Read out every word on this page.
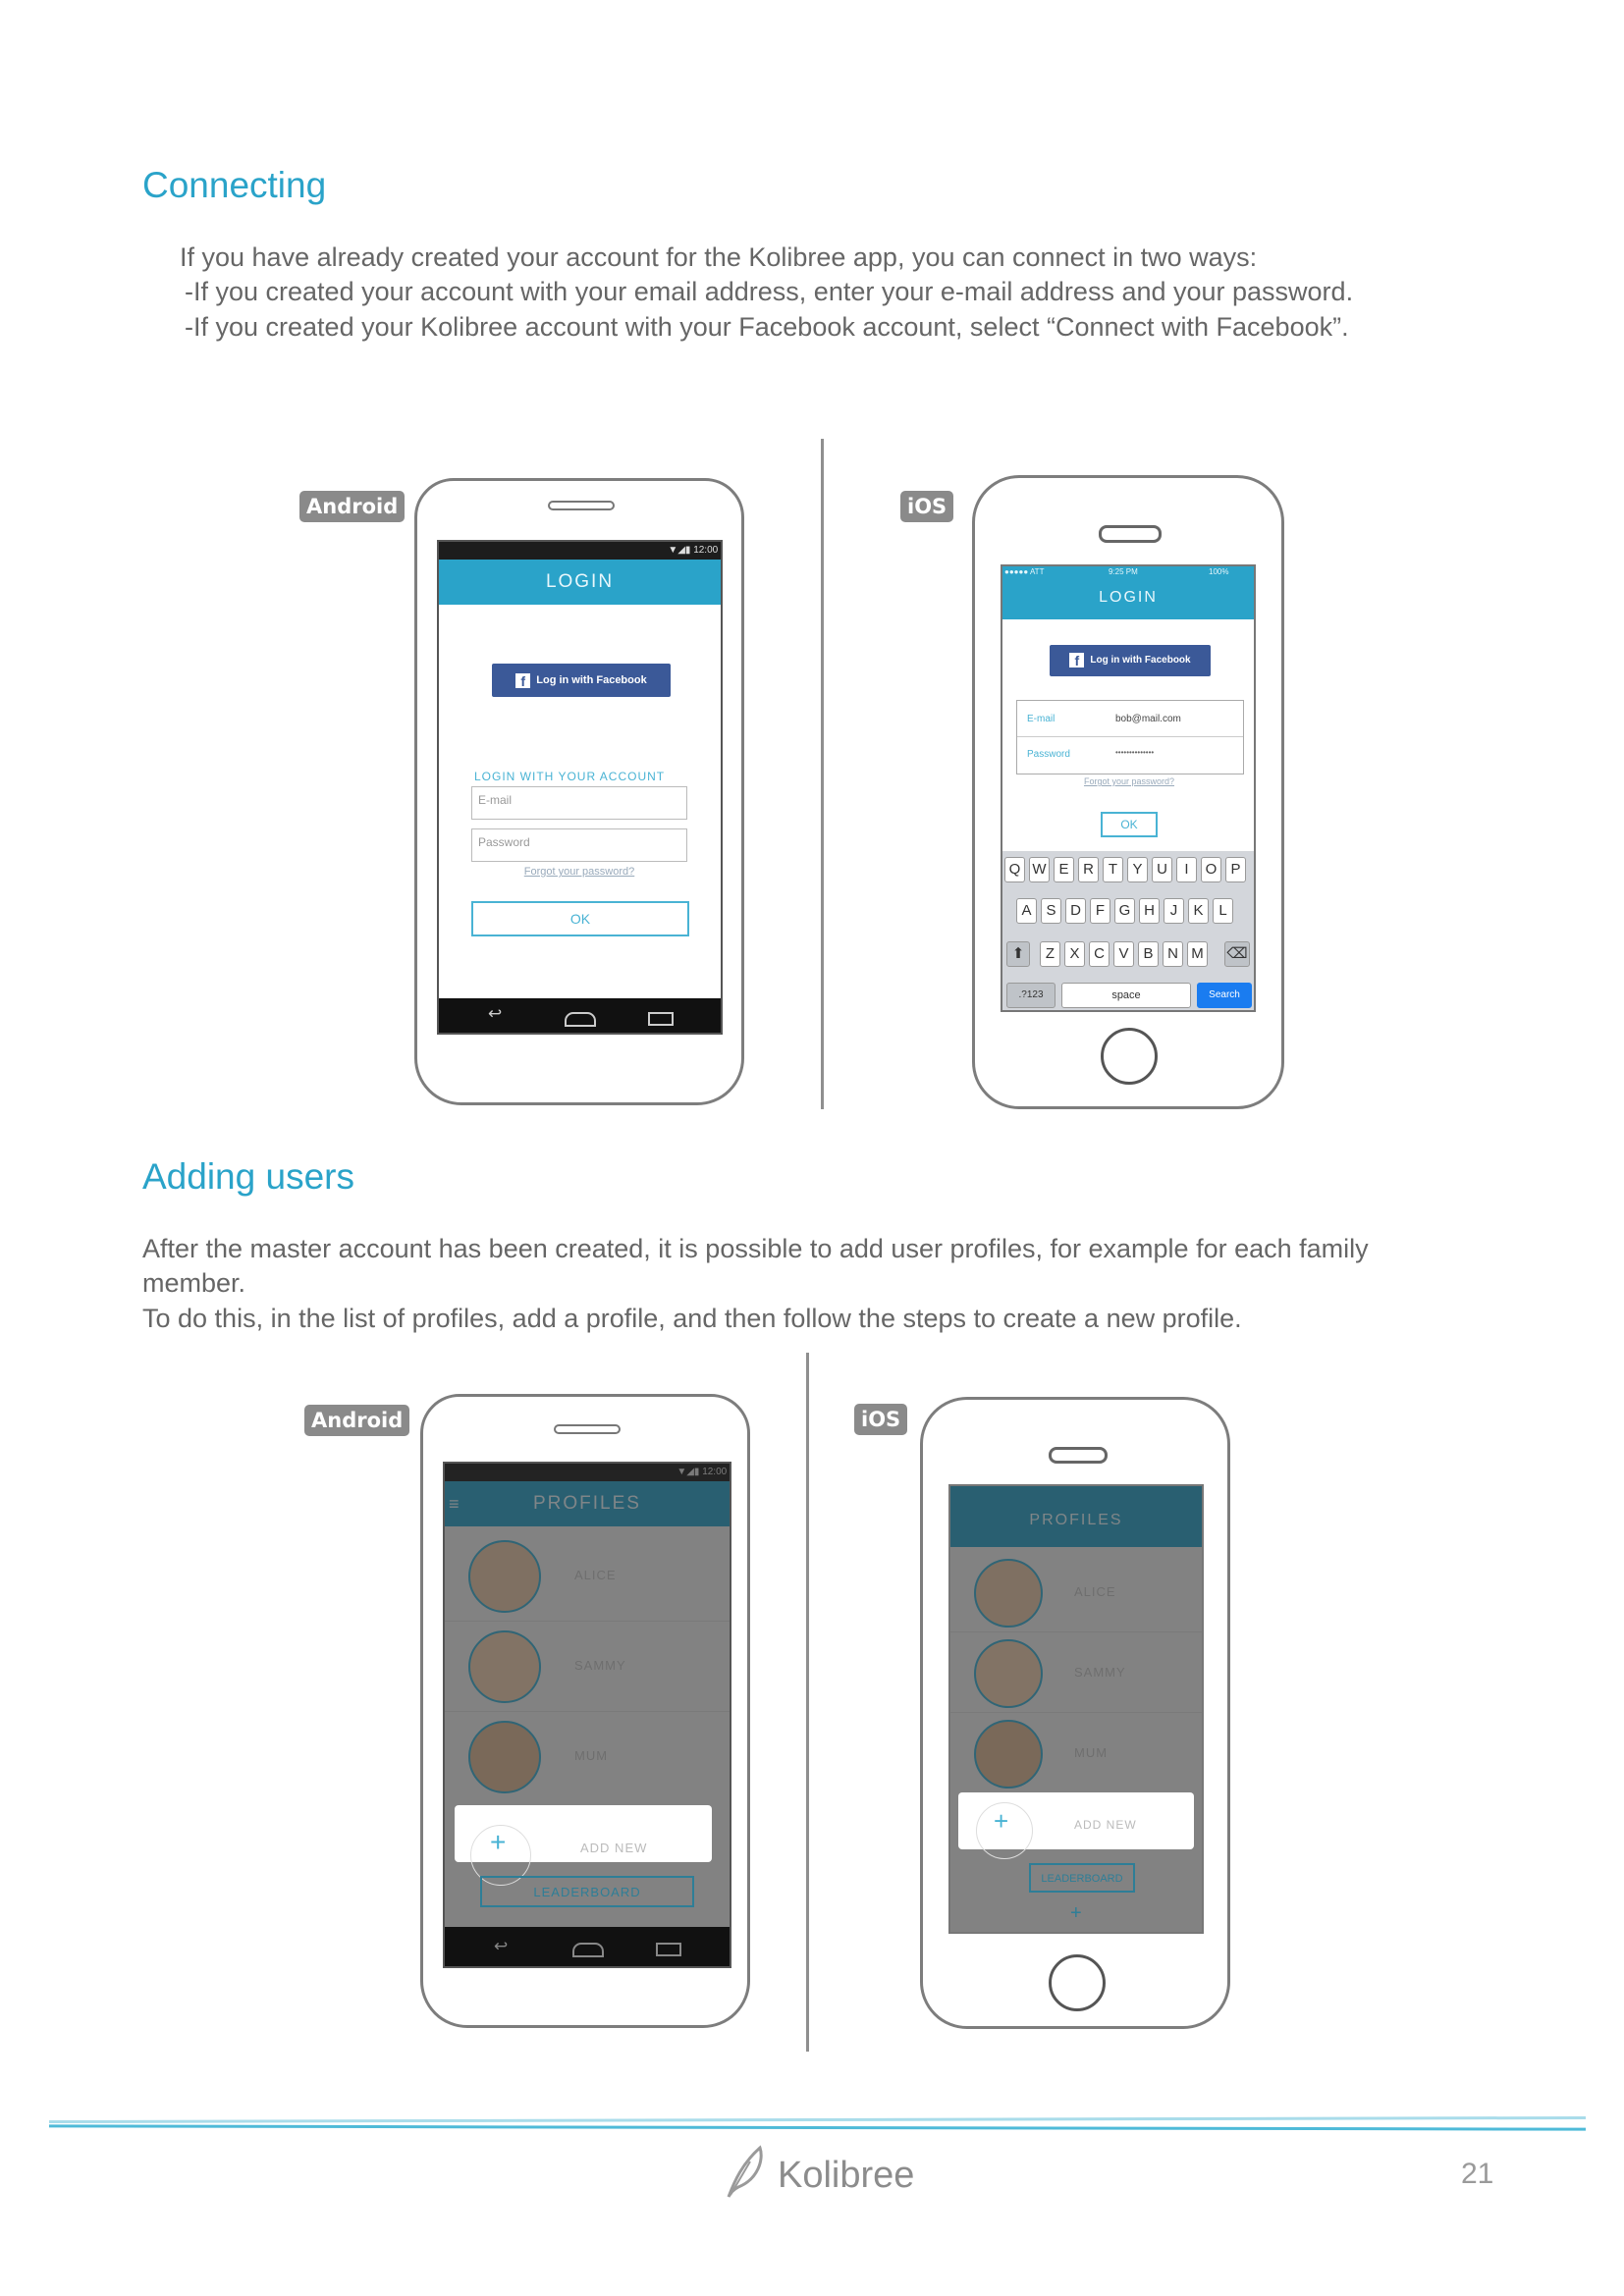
Connecting

If you have already created your account for the Kolibree app, you can connect in two ways:

-If you created your account with your email address, enter your e-mail address and your password.

-If you created your Kolibree account with your Facebook account, select “Connect with Facebook”.

Android
▼◢▮ 12:00
LOGIN
f Log in with Facebook
LOGIN WITH YOUR ACCOUNT
E-mail
Password
Forgot your password?
OK
↩
iOS
●●●●● ATT	9:25 PM	100%
LOGIN
f Log in with Facebook
E-mail	bob@mail.com
Password	••••••••••••••
Forgot your password?
OK
Q W E R T	Y U	I	O P
A S D F G H	J	K	L
⬆	Z	X C V B N M ⌫
.?123	space	Search
Adding users

After the master account has been created, it is possible to add user profiles, for example for each family

member.

To do this, in the list of profiles, add a profile, and then follow the steps to create a new profile.

Android

+	ADD NEW
LEADERBOARD
↩
iOS
+	ADD NEW
LEADERBOARD
+
Kolibree	21
